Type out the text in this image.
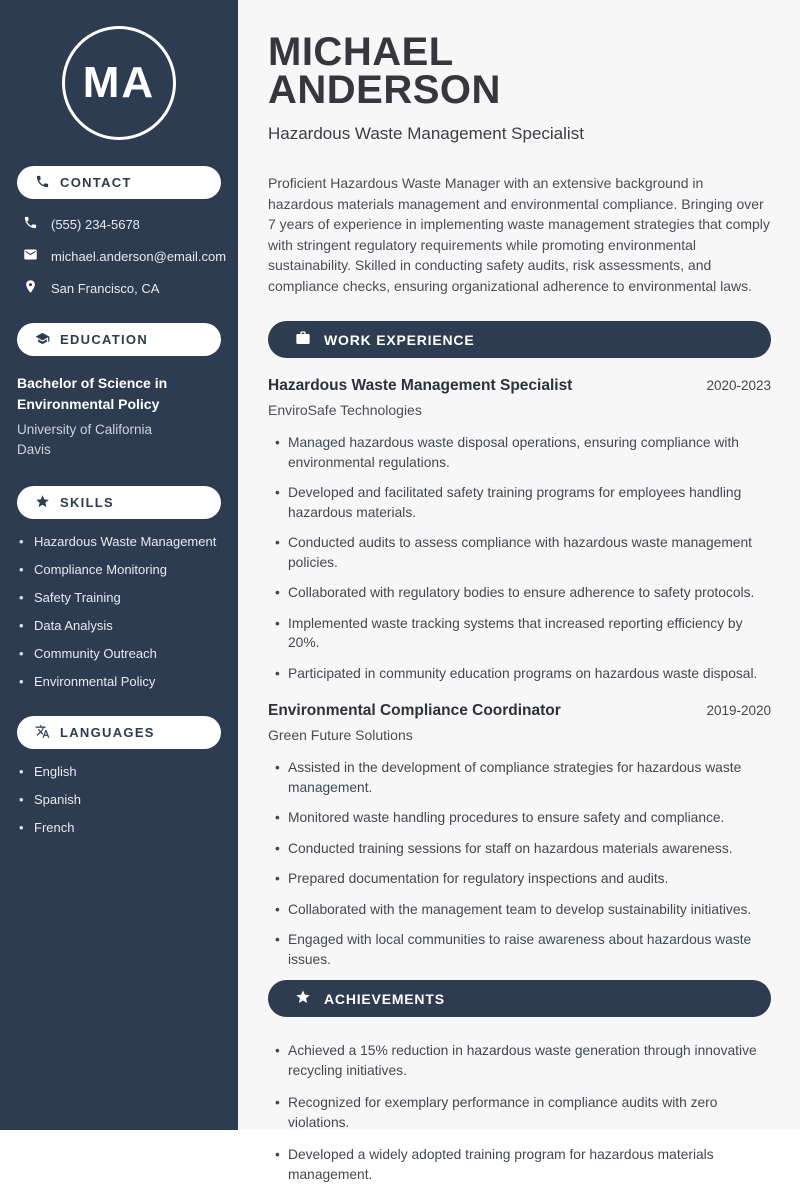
MA
CONTACT
(555) 234-5678
michael.anderson@email.com
San Francisco, CA
EDUCATION
Bachelor of Science in Environmental Policy
University of California Davis
SKILLS
• Hazardous Waste Management
• Compliance Monitoring
• Safety Training
• Data Analysis
• Community Outreach
• Environmental Policy
LANGUAGES
• English
• Spanish
• French
MICHAEL
ANDERSON
Hazardous Waste Management Specialist

Proficient Hazardous Waste Manager with an extensive background in hazardous materials management and environmental compliance. Bringing over 7 years of experience in implementing waste management strategies that comply with stringent regulatory requirements while promoting environmental sustainability. Skilled in conducting safety audits, risk assessments, and compliance checks, ensuring organizational adherence to environmental laws.

WORK EXPERIENCE
Hazardous Waste Management Specialist	2020-2023
EnviroSafe Technologies
• Managed hazardous waste disposal operations, ensuring compliance with environmental regulations.
• Developed and facilitated safety training programs for employees handling hazardous materials.
• Conducted audits to assess compliance with hazardous waste management policies.
• Collaborated with regulatory bodies to ensure adherence to safety protocols.
• Implemented waste tracking systems that increased reporting efficiency by 20%.
• Participated in community education programs on hazardous waste disposal.
Environmental Compliance Coordinator	2019-2020
Green Future Solutions
• Assisted in the development of compliance strategies for hazardous waste management.
• Monitored waste handling procedures to ensure safety and compliance.
• Conducted training sessions for staff on hazardous materials awareness.
• Prepared documentation for regulatory inspections and audits.
• Collaborated with the management team to develop sustainability initiatives.
• Engaged with local communities to raise awareness about hazardous waste issues.
ACHIEVEMENTS
• Achieved a 15% reduction in hazardous waste generation through innovative recycling initiatives.
• Recognized for exemplary performance in compliance audits with zero violations.
• Developed a widely adopted training program for hazardous materials management.
